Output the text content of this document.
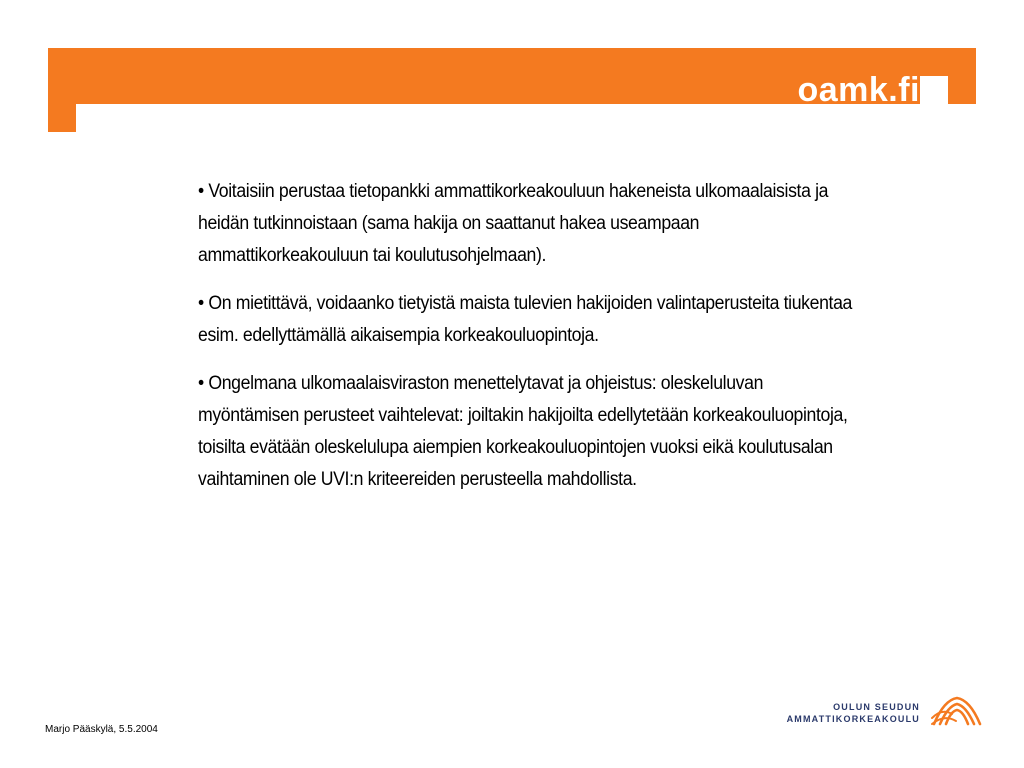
oamk.fi

• Voitaisiin perustaa tietopankki ammattikorkeakouluun hakeneista ulkomaalaisista ja heidän tutkinnoistaan (sama hakija on saattanut hakea useampaan ammattikorkeakouluun tai koulutusohjelmaan).

• On mietittävä, voidaanko tietyistä maista tulevien hakijoiden valintaperusteita tiukentaa esim. edellyttämällä aikaisempia korkeakouluopintoja.

• Ongelmana ulkomaalaisviraston menettelytavat ja ohjeistus: oleskeluluvan myöntämisen perusteet vaihtelevat: joiltakin hakijoilta edellytetään korkeakouluopintoja, toisilta evätään oleskelulupa aiempien korkeakouluopintojen vuoksi eikä koulutusalan vaihtaminen ole UVI:n kriteereiden perusteella mahdollista.

Marjo Pääskylä, 5.5.2004
OULUN SEUDUN
AMMATTIKORKEAKOULU
